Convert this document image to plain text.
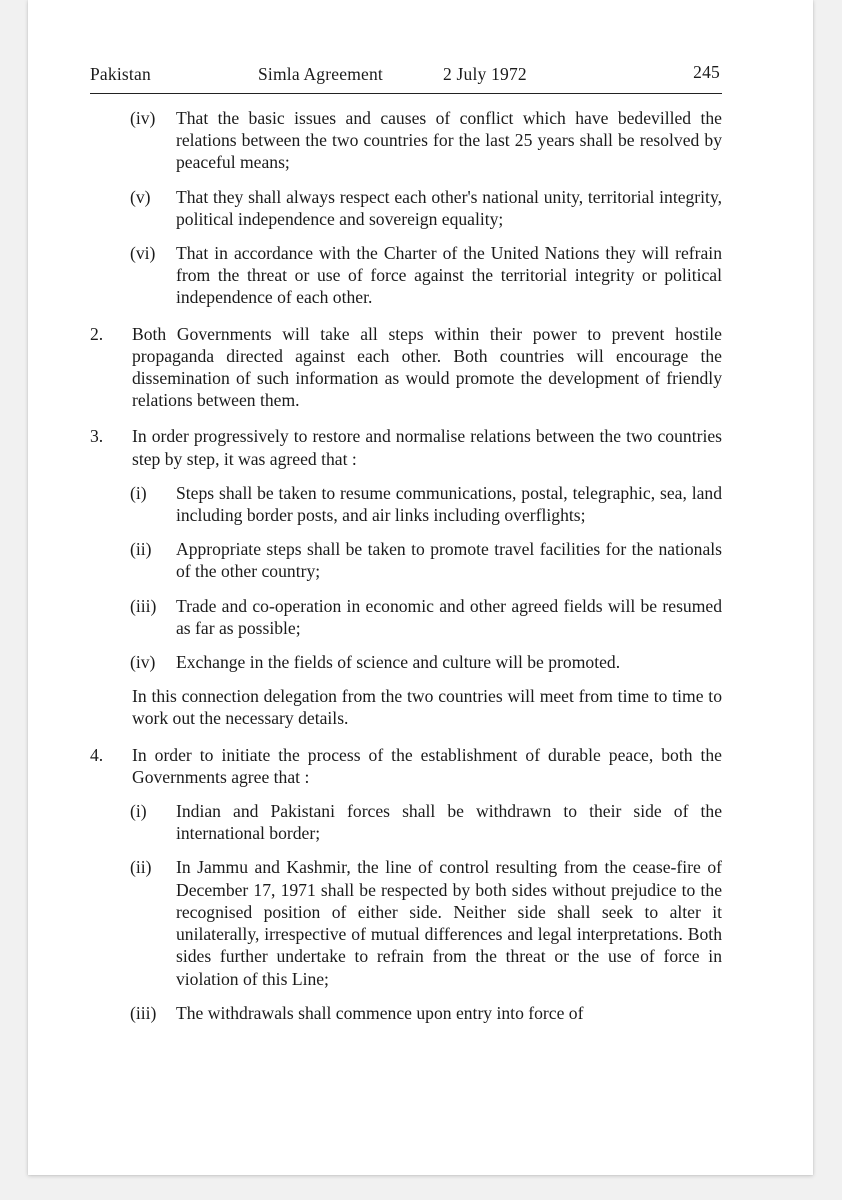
Pakistan	Simla Agreement	2 July 1972	245
(iv) That the basic issues and causes of conflict which have bedevilled the relations between the two countries for the last 25 years shall be resolved by peaceful means;
(v) That they shall always respect each other's national unity, territorial integrity, political independence and sovereign equality;
(vi) That in accordance with the Charter of the United Nations they will refrain from the threat or use of force against the territorial integrity or political independence of each other.
2. Both Governments will take all steps within their power to prevent hostile propaganda directed against each other. Both countries will encourage the dissemination of such information as would promote the development of friendly relations between them.
3. In order progressively to restore and normalise relations between the two countries step by step, it was agreed that :
(i) Steps shall be taken to resume communications, postal, telegraphic, sea, land including border posts, and air links including overflights;
(ii) Appropriate steps shall be taken to promote travel facilities for the nationals of the other country;
(iii) Trade and co-operation in economic and other agreed fields will be resumed as far as possible;
(iv) Exchange in the fields of science and culture will be promoted.
In this connection delegation from the two countries will meet from time to time to work out the necessary details.
4. In order to initiate the process of the establishment of durable peace, both the Governments agree that :
(i) Indian and Pakistani forces shall be withdrawn to their side of the international border;
(ii) In Jammu and Kashmir, the line of control resulting from the cease-fire of December 17, 1971 shall be respected by both sides without prejudice to the recognised position of either side. Neither side shall seek to alter it unilaterally, irrespective of mutual differences and legal interpretations. Both sides further undertake to refrain from the threat or the use of force in violation of this Line;
(iii) The withdrawals shall commence upon entry into force of
